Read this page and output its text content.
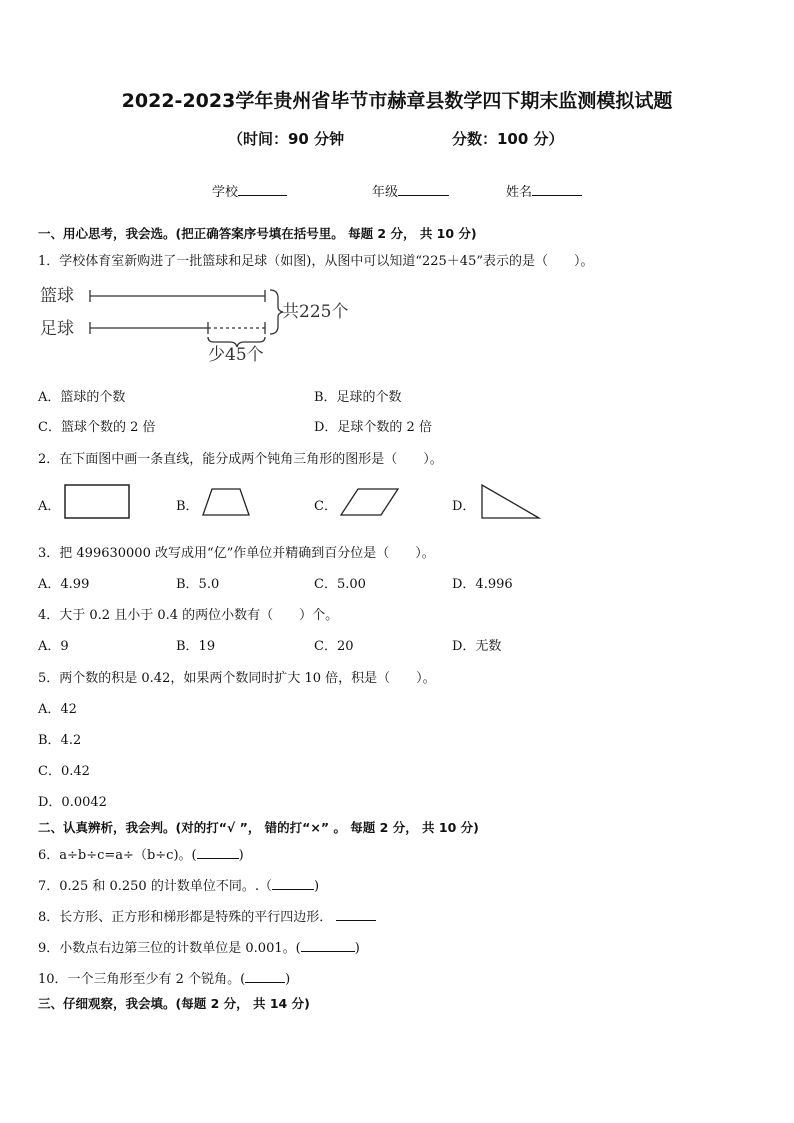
2022-2023学年贵州省毕节市赫章县数学四下期末监测模拟试题
（时间：90 分钟	分数：100 分）
学校	年级	姓名
一、用心思考，我会选。(把正确答案序号填在括号里。 每题 2 分， 共 10 分)
1．学校体育室新购进了一批篮球和足球（如图)，从图中可以知道“225＋45”表示的是（　　）。
篮球
足球
共225个
少45个
A．篮球的个数	B．足球的个数
C．篮球个数的 2 倍	D．足球个数的 2 倍
2．在下面图中画一条直线，能分成两个钝角三角形的图形是（　　）。
A．	B．	C．	D．
3．把 499630000 改写成用“亿”作单位并精确到百分位是（　　）。
A．4.99	B．5.0	C．5.00	D．4.996
4．大于 0.2 且小于 0.4 的两位小数有（　　）个。
A．9	B．19	C．20	D．无数
5．两个数的积是 0.42，如果两个数同时扩大 10 倍，积是（　　）。
A．42
B．4.2
C．0.42
D．0.0042
二、认真辨析，我会判。(对的打“√ ”， 错的打“×” 。 每题 2 分， 共 10 分)
6．a÷b÷c=a÷（b÷c)。(	)
7．0.25 和 0.250 的计数单位不同。.（	)
8．长方形、正方形和梯形都是特殊的平行四边形．
9．小数点右边第三位的计数单位是 0.001。(	)
10．一个三角形至少有 2 个锐角。(	)
三、仔细观察，我会填。(每题 2 分， 共 14 分)
